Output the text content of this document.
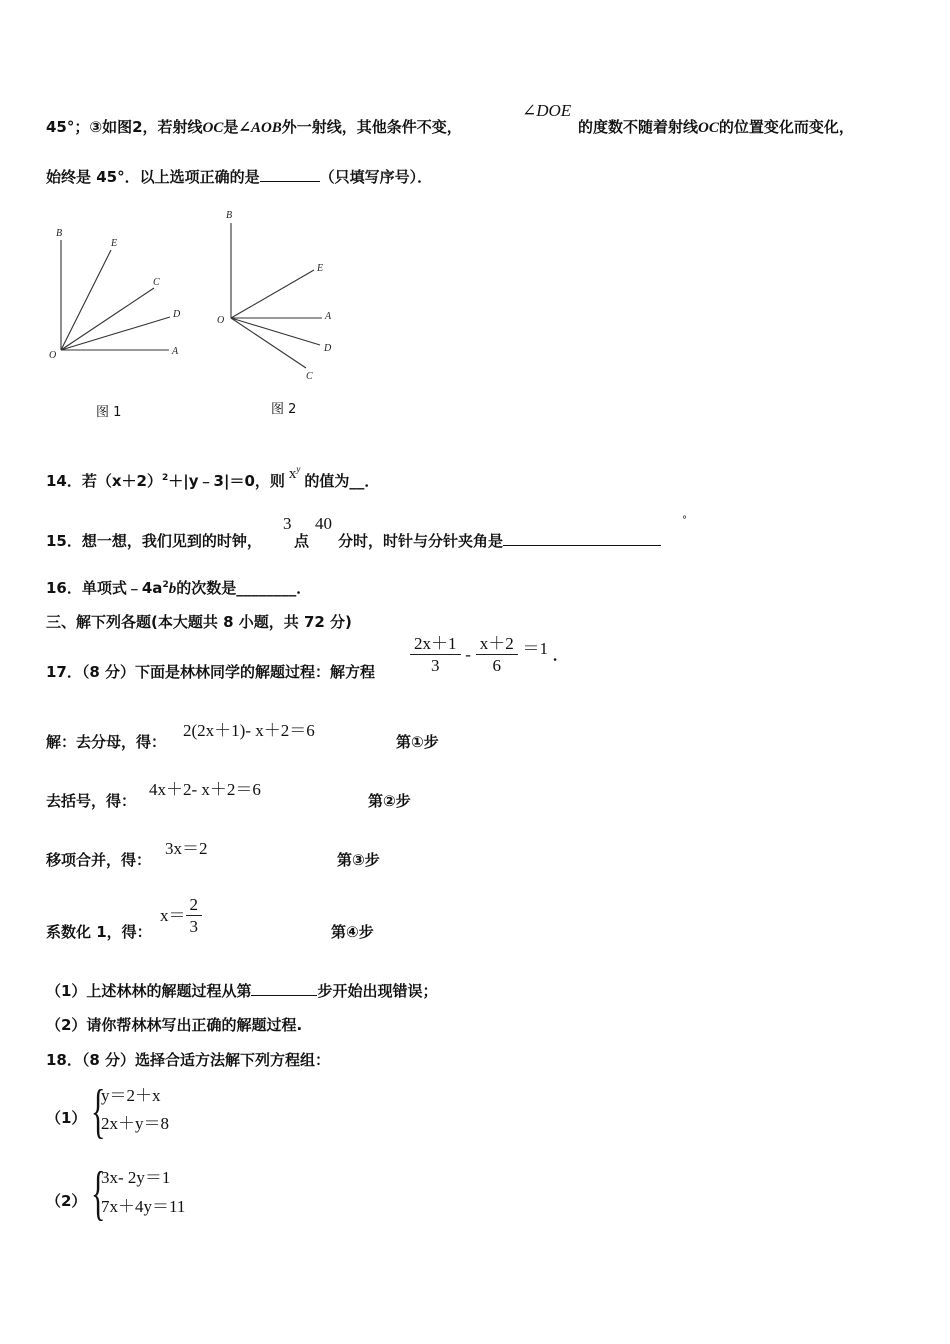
45°；③如图2，若射线OC是∠AOB外一射线，其他条件不变，
∠DOE
的度数不随着射线OC的位置变化而变化，
始终是 45°．以上选项正确的是	（只填写序号）．
B
E
C
D
O	A
图 1
B
E
A
O
D
C
图 2
14．若$(x+2)^2+|y﹣3|=0$，则 $x^y$的值为__．
15．想一想，我们见到的时钟，
3
点
40
分时，时针与分针夹角是
°
16．单项式$﹣4a^2b$的次数是________．
三、解下列各题(本大题共 8 小题，共 72 分)
17．（8 分）下面是林林同学的解题过程：解方程 $\frac{2x+1}{3} - \frac{x+2}{6} =1$ ．
解：去分母，得：
2(2x＋1)- x＋2＝6
第①步
去括号，得：
4x＋2- x＋2＝6
第②步
移项合并，得：
3x＝2
第③步
系数化 1，得：
$x= \frac{2}{3}$	第④步
（1）上述林林的解题过程从第	步开始出现错误；
（2）请你帮林林写出正确的解题过程.
18．（8 分）选择合适方法解下列方程组：
（1） {
y＝2＋x
2x＋y＝8
（2） {
3x- 2y＝1
7x＋4y＝11
